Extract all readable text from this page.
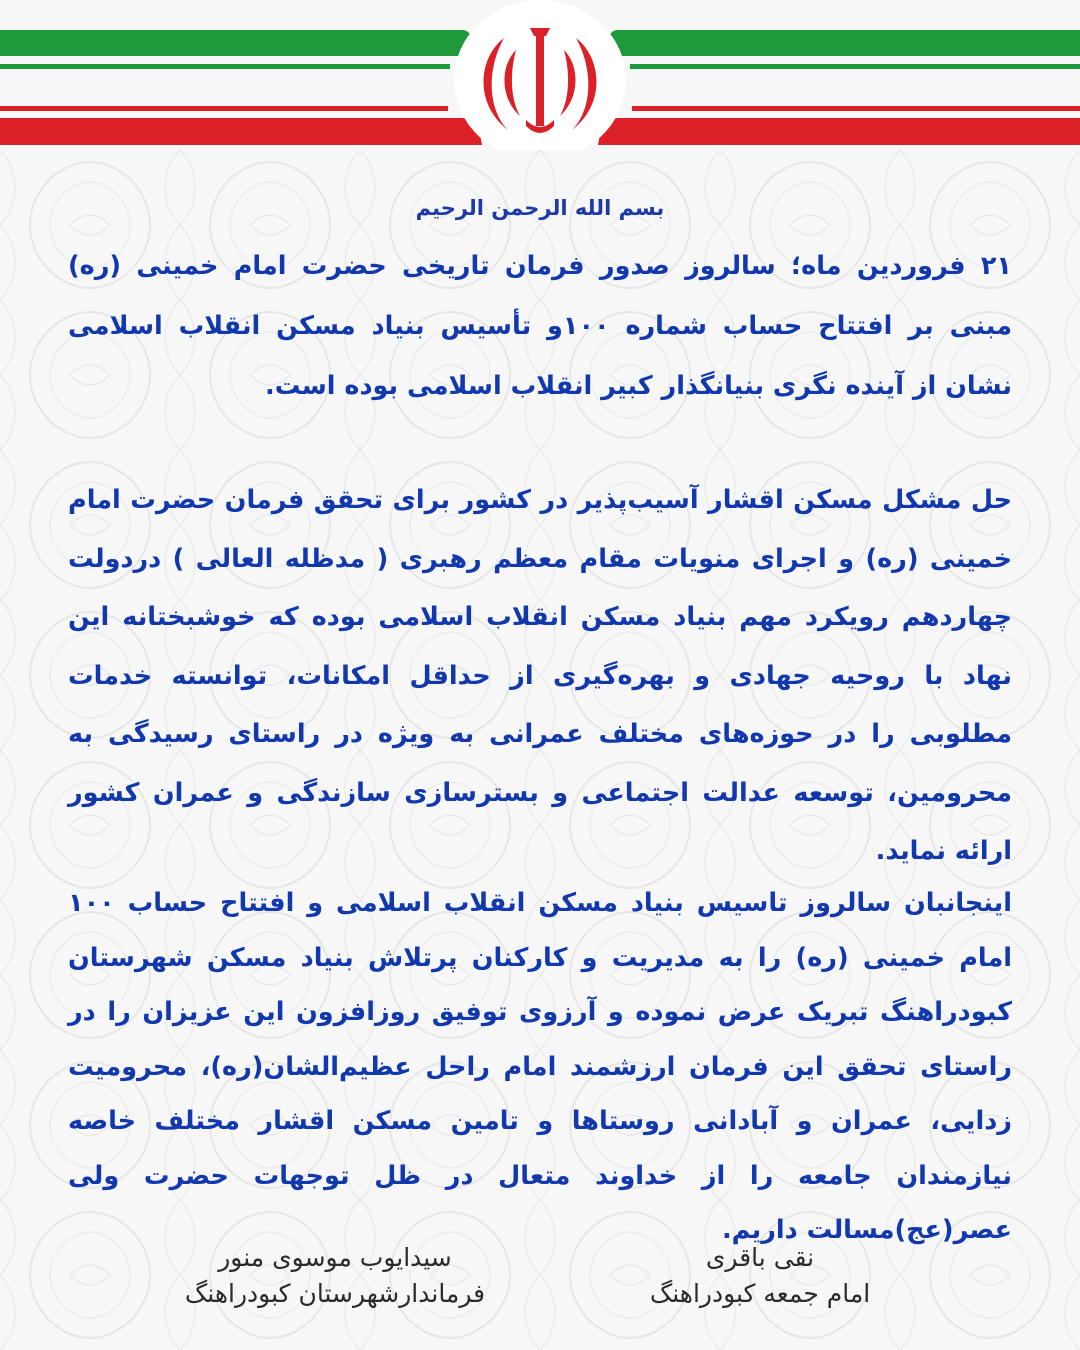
بسم الله الرحمن الرحیم

۲۱ فروردین ماه؛ سالروز صدور فرمان تاریخی حضرت امام خمینی (ره) مبنی بر افتتاح حساب شماره ۱۰۰و تأسیس بنیاد مسکن انقلاب اسلامی نشان از آینده نگری بنیانگذار کبیر انقلاب اسلامی بوده است.

حل مشکل مسکن اقشار آسیب‌پذیر در کشور برای تحقق فرمان حضرت امام خمینی (ره) و اجرای منویات مقام معظم رهبری ( مدظله العالی ) دردولت چهاردهم رویکرد مهم بنیاد مسکن انقلاب اسلامی بوده که خوشبختانه این نهاد با روحیه جهادی و بهره‌گیری از حداقل امکانات، توانسته خدمات مطلوبی را در حوزه‌های مختلف عمرانی به ویژه در راستای رسیدگی به محرومین، توسعه عدالت اجتماعی و بسترسازی سازندگی و عمران کشور ارائه نماید.

اینجانبان سالروز تاسیس بنیاد مسکن انقلاب اسلامی و افتتاح حساب ۱۰۰ امام خمینی (ره) را به مدیریت و کارکنان پرتلاش بنیاد مسکن شهرستان کبودراهنگ تبریک عرض نموده و آرزوی توفیق روزافزون این عزیزان را در راستای تحقق این فرمان ارزشمند امام راحل عظیم‌الشان(ره)، محرومیت زدایی، عمران و آبادانی روستاها و تامین مسکن اقشار مختلف خاصه نیازمندان جامعه را از خداوند متعال در ظل توجهات حضرت ولی عصر(عج)مسالت داریم.

نقی باقری
امام جمعه کبودراهنگ
سیدایوب موسوی منور
فرماندارشهرستان کبودراهنگ
